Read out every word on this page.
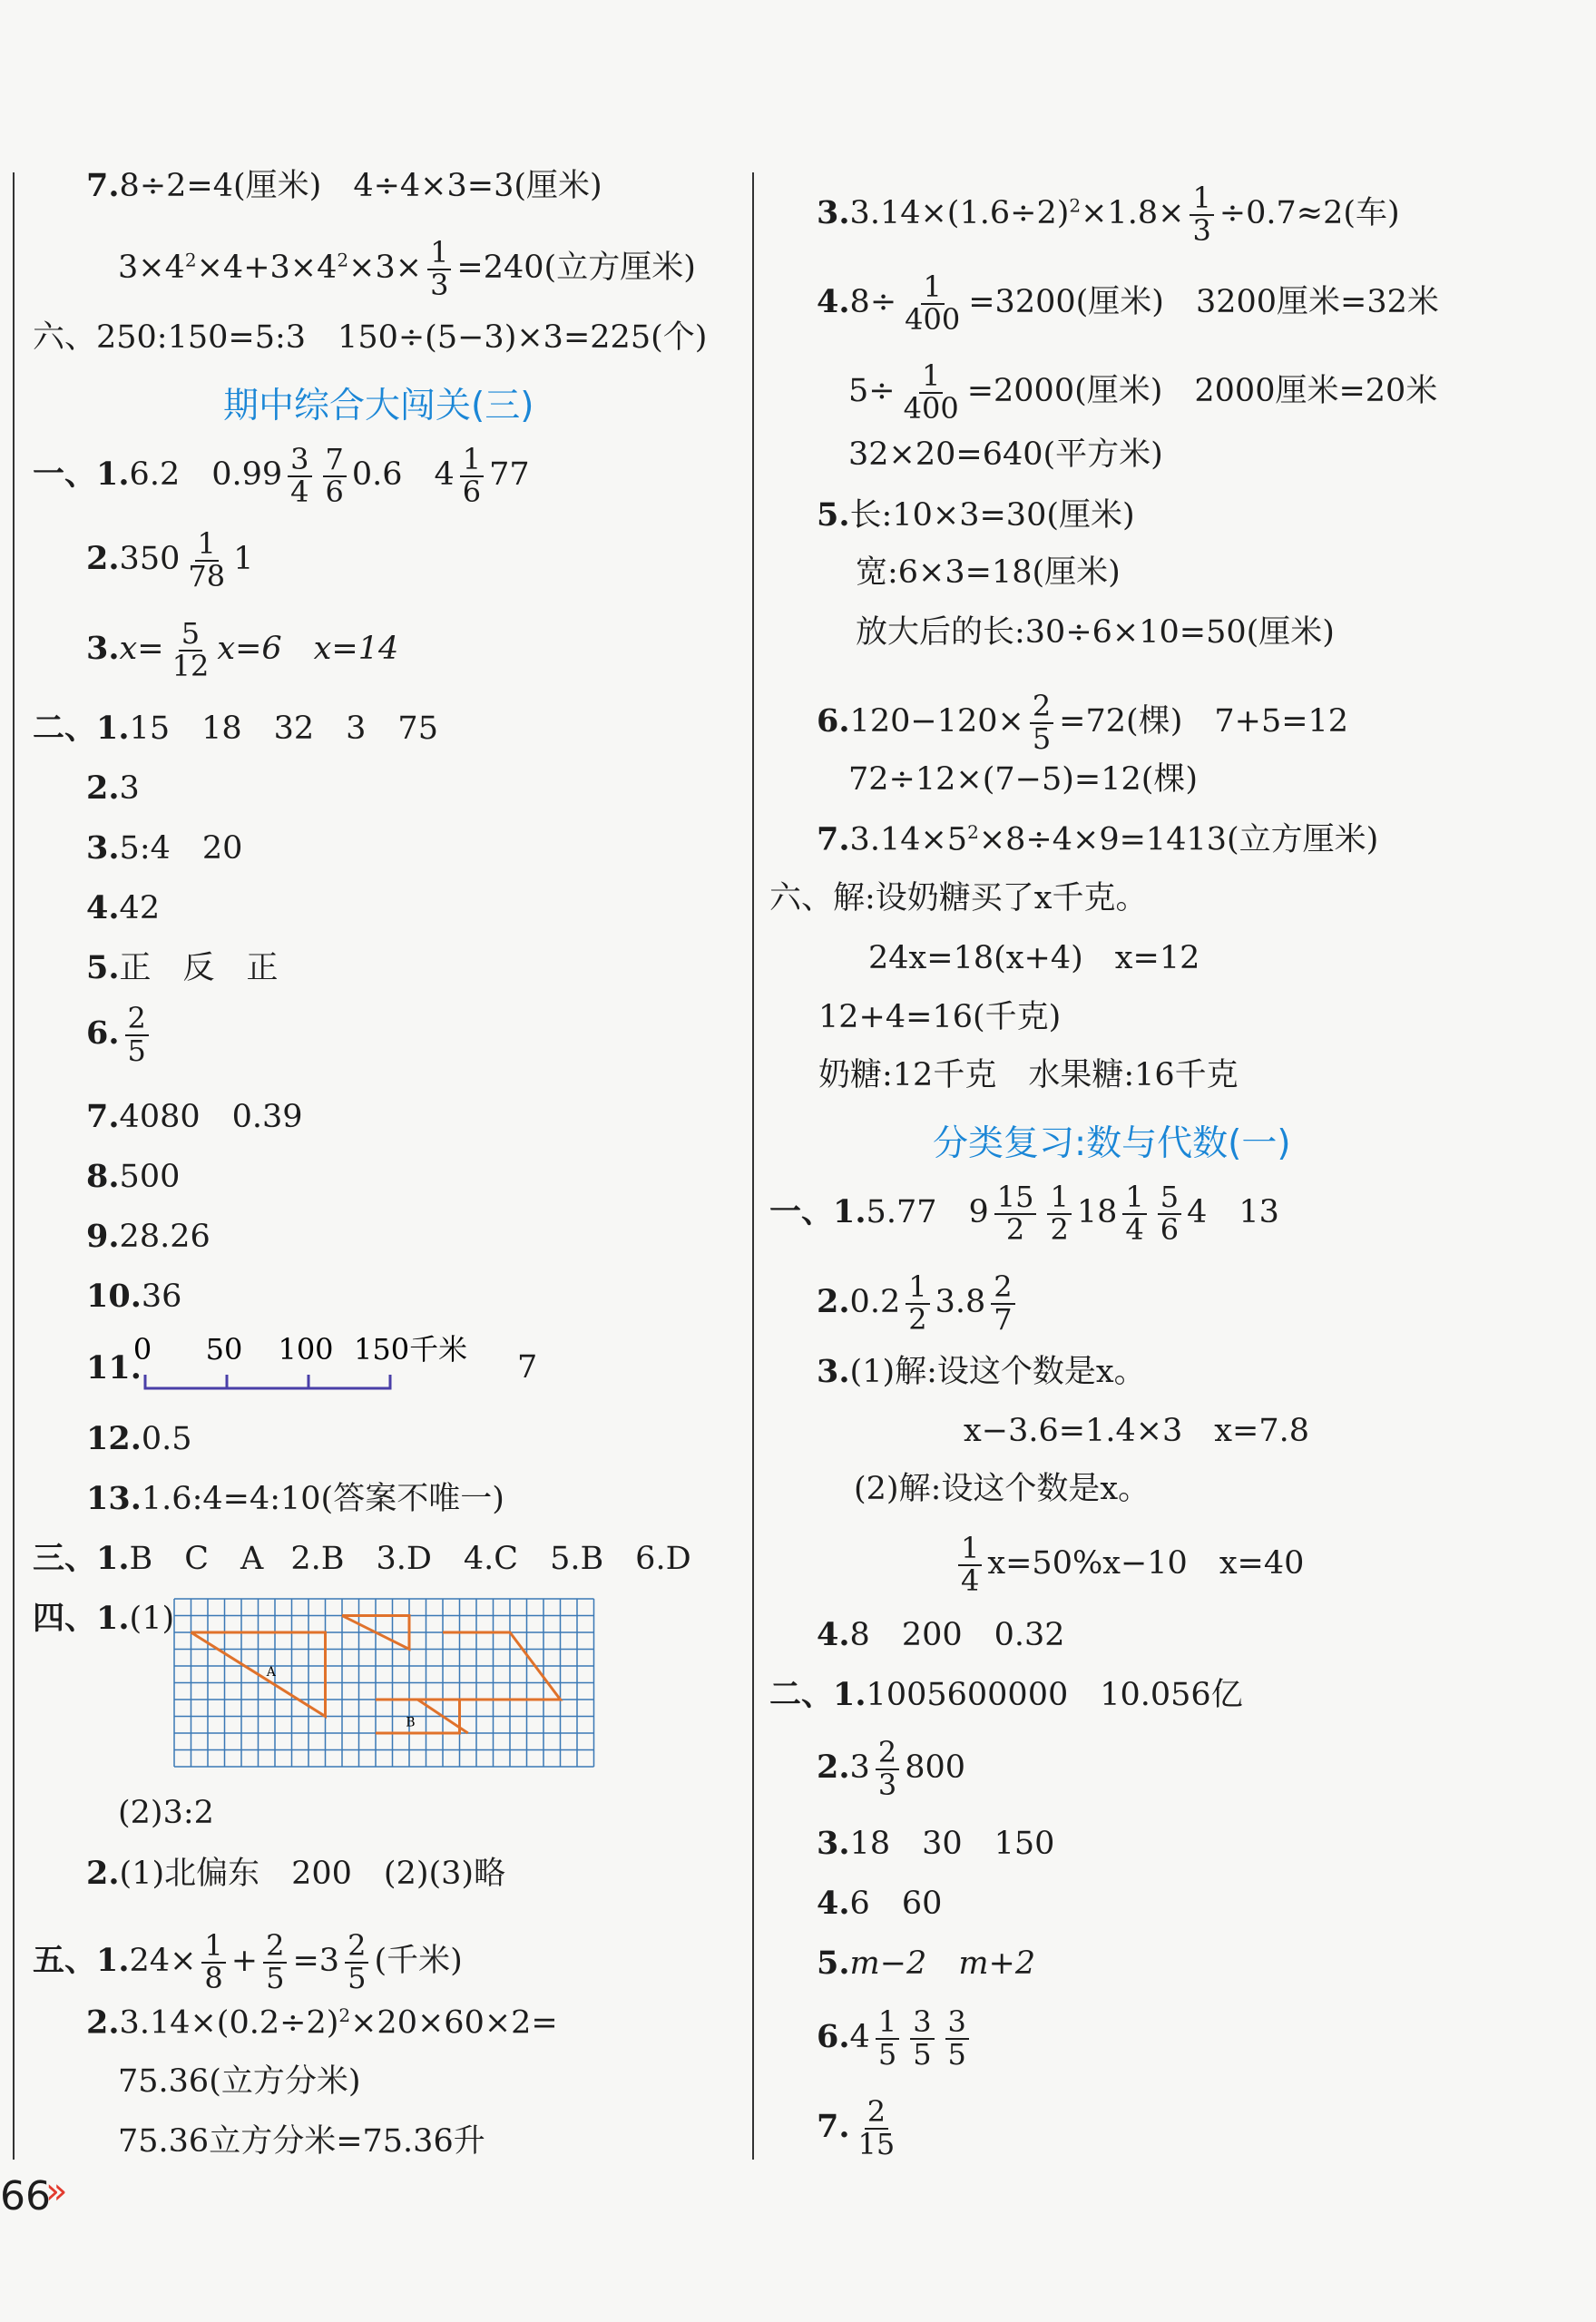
7.8÷2=4(厘米)　4÷4×3=3(厘米)
$3\times 4^2\times 4+3\times 4^2\times 3\times \frac{1}{3} =240$(立方厘米)
六、250:150=5:3　150÷(5−3)×3=225(个)
期中综合大闯关(三)
一、1.6.2　$0.99 \frac{3}{4} \frac{7}{6} 0.6$　$4 \frac{1}{6} 77$
$2.350 \frac{1}{78} 1$
$3.x= \frac{5}{12} x=6$　x=14
二、1.15　18　32　3　75
2.3
3.5:4　20
4.42
5.正　反　正
6. $\frac{2}{5}$
7.4080　0.39
8.500
9.28.26
10.36
11.
0 50 100 150千米 7
12.0.5
13.1.6:4=4:10(答案不唯一)
三、1.B　C　A 2.B　3.D　4.C　5.B　6.D
四、1.(1)
A
B
(2)3:2
2.(1)北偏东　200　(2)(3)略
五、$1.24\times \frac{1}{8} + \frac{2}{5} =3 \frac{2}{5}$ (千米)
$2.3.14\times(0.2\div 2)^2\times 20\times 60\times 2=$
75.36(立方分米)
75.36立方分米=75.36升
$3.3.14\times(1.6\div 2)^2\times 1.8\times \frac{1}{3} \div 0.7\approx 2$(车)
$4.8\div \frac{1}{400} =3200$(厘米)　3200厘米=32米
$5\div \frac{1}{400} =2000$(厘米)　2000厘米=20米
32×20=640(平方米)
5.长:10×3=30(厘米)
宽:6×3=18(厘米)
放大后的长:30÷6×10=50(厘米)
$6.120-120\times \frac{2}{5} =72$(棵)　7+5=12
72÷12×(7−5)=12(棵)
$7.3.14\times 5^2\times 8\div 4\times 9=1413$(立方厘米)
六、解:设奶糖买了x千克。
24x=18(x+4)　x=12
12+4=16(千克)
奶糖:12千克　水果糖:16千克
分类复习:数与代数(一)
一、1.5.77　$9 \frac{15}{2} \frac{1}{2} 18 \frac{1}{4} \frac{5}{6} 4$　13
$2.0.2 \frac{1}{2} 3.8 \frac{2}{7}$
3.(1)解:设这个数是x。
x−3.6=1.4×3　x=7.8
(2)解:设这个数是x。
$\frac{1}{4} x=50\%x-10$　x=40
4.8　200　0.32
二、1.1005600000　10.056亿
$2.3 \frac{2}{3} 800$
3.18　30　150
4.6　60
5.m−2　m+2
$6.4 \frac{1}{5} \frac{3}{5} \frac{3}{5}$
7. $\frac{2}{15}$
66
»
